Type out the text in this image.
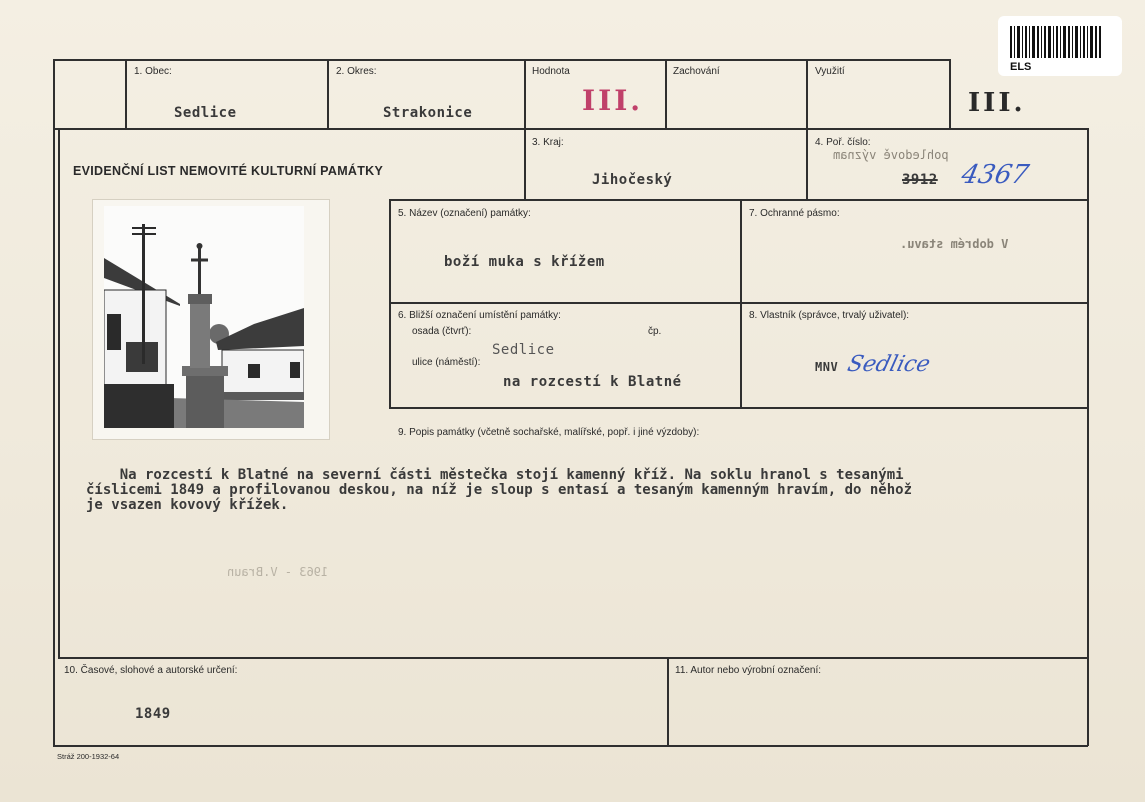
pohledově význam
V dobrém stavu.
1963 - V.Braun
ELS
1. Obec:
Sedlice
2. Okres:
Strakonice
Hodnota
III.
Zachování	Využití
III.
EVIDENČNÍ LIST NEMOVITÉ KULTURNÍ PAMÁTKY
3. Kraj:
Jihočeský
4. Poř. číslo:
3912 4367
5. Název (označení) památky:
boží muka s křížem
7. Ochranné pásmo:
6. Bližší označení umístění památky:
osada (čtvrť):	čp.
Sedlice
ulice (náměstí):
na rozcestí k Blatné
8. Vlastník (správce, trvalý uživatel):
MNV Sedlice
9. Popis památky (včetně sochařské, malířské, popř. i jiné výzdoby):
Na rozcestí k Blatné na severní části městečka stojí kamenný kříž. Na soklu hranol s tesanými
číslicemi 1849 a profilovanou deskou, na níž je sloup s entasí a tesaným kamenným hravím, do něhož
je vsazen kovový křížek.
10. Časové, slohové a autorské určení:
1849
11. Autor nebo výrobní označení:
Stráž 200-1932-64
